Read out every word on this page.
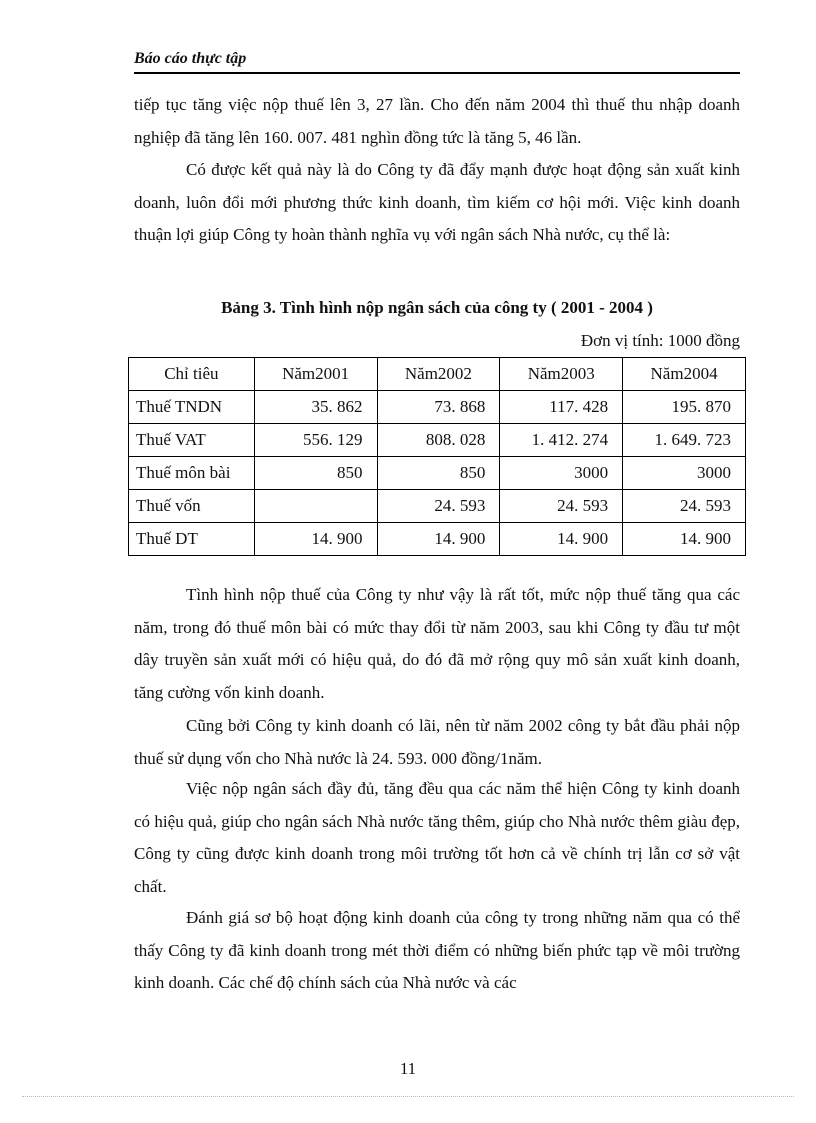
Báo cáo thực tập

tiếp tục tăng việc nộp thuế lên 3, 27 lần. Cho đến năm 2004 thì thuế thu nhập doanh nghiệp đã tăng lên 160. 007. 481 nghìn đồng tức là tăng 5, 46 lần.

Có được kết quả này là do Công ty đã đẩy mạnh được hoạt động sản xuất kinh doanh, luôn đổi mới phương thức kinh doanh, tìm kiếm cơ hội mới. Việc kinh doanh thuận lợi giúp Công ty hoàn thành nghĩa vụ với ngân sách Nhà nước, cụ thể là:

Bảng 3. Tình hình nộp ngân sách của công ty ( 2001 - 2004 )

Đơn vị tính: 1000 đồng
Chỉ tiêu	Năm2001	Năm2002	Năm2003	Năm2004
Thuế TNDN	35. 862	73. 868	117. 428	195. 870
Thuế VAT	556. 129	808. 028	1. 412. 274	1. 649. 723
Thuế môn bài	850	850	3000	3000
Thuế vốn		24. 593	24. 593	24. 593
Thuế DT	14. 900	14. 900	14. 900	14. 900

Tình hình nộp thuế của Công ty như vậy là rất tốt, mức nộp thuế tăng qua các năm, trong đó thuế môn bài có mức thay đổi từ năm 2003, sau khi Công ty đầu tư một dây truyền sản xuất mới có hiệu quả, do đó đã mở rộng quy mô sản xuất kinh doanh, tăng cường vốn kinh doanh.

Cũng bởi Công ty kinh doanh có lãi, nên từ năm 2002 công ty bắt đầu phải nộp thuế sử dụng vốn cho Nhà nước là 24. 593. 000 đồng/1năm.

Việc nộp ngân sách đầy đủ, tăng đều qua các năm thể hiện Công ty kinh doanh có hiệu quả, giúp cho ngân sách Nhà nước tăng thêm, giúp cho Nhà nước thêm giàu đẹp, Công ty cũng được kinh doanh trong môi trường tốt hơn cả về chính trị lẫn cơ sở vật chất.

Đánh giá sơ bộ hoạt động kinh doanh của công ty trong những năm qua có thể thấy Công ty đã kinh doanh trong mét thời điểm có những biến phức tạp về môi trường kinh doanh. Các chế độ chính sách của Nhà nước và các

11
